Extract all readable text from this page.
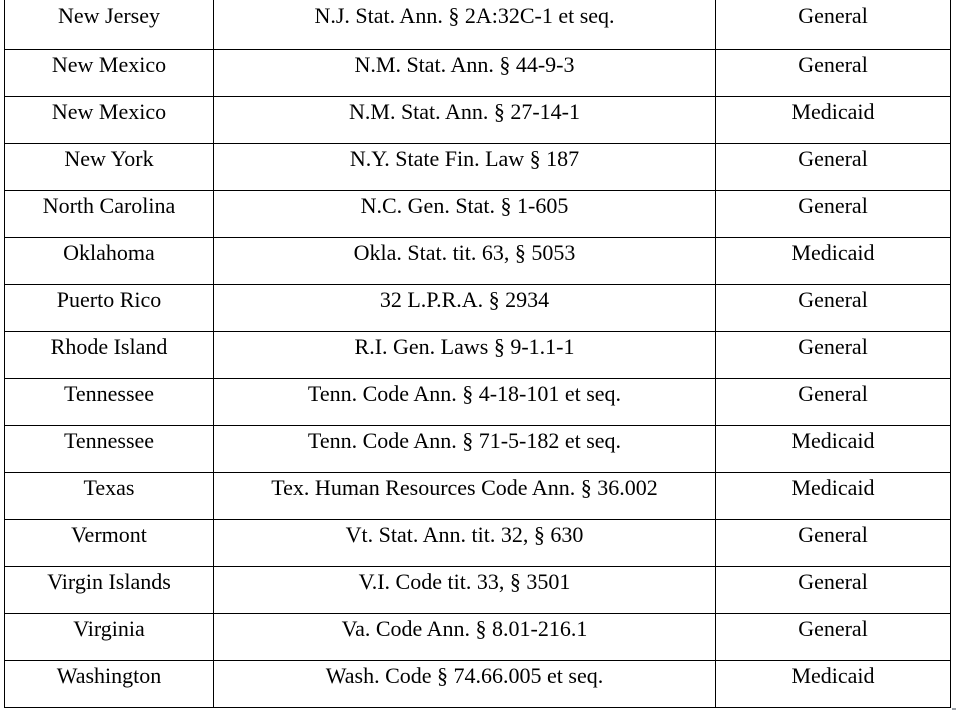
New Jersey	N.J. Stat. Ann. § 2A:32C-1 et seq.	General
New Mexico	N.M. Stat. Ann. § 44-9-3	General
New Mexico	N.M. Stat. Ann. § 27-14-1	Medicaid
New York	N.Y. State Fin. Law § 187	General
North Carolina	N.C. Gen. Stat. § 1-605	General
Oklahoma	Okla. Stat. tit. 63, § 5053	Medicaid
Puerto Rico	32 L.P.R.A. § 2934	General
Rhode Island	R.I. Gen. Laws § 9-1.1-1	General
Tennessee	Tenn. Code Ann. § 4-18-101 et seq.	General
Tennessee	Tenn. Code Ann. § 71-5-182 et seq.	Medicaid
Texas	Tex. Human Resources Code Ann. § 36.002	Medicaid
Vermont	Vt. Stat. Ann. tit. 32, § 630	General
Virgin Islands	V.I. Code tit. 33, § 3501	General
Virginia	Va. Code Ann. § 8.01-216.1	General
Washington	Wash. Code § 74.66.005 et seq.	Medicaid
